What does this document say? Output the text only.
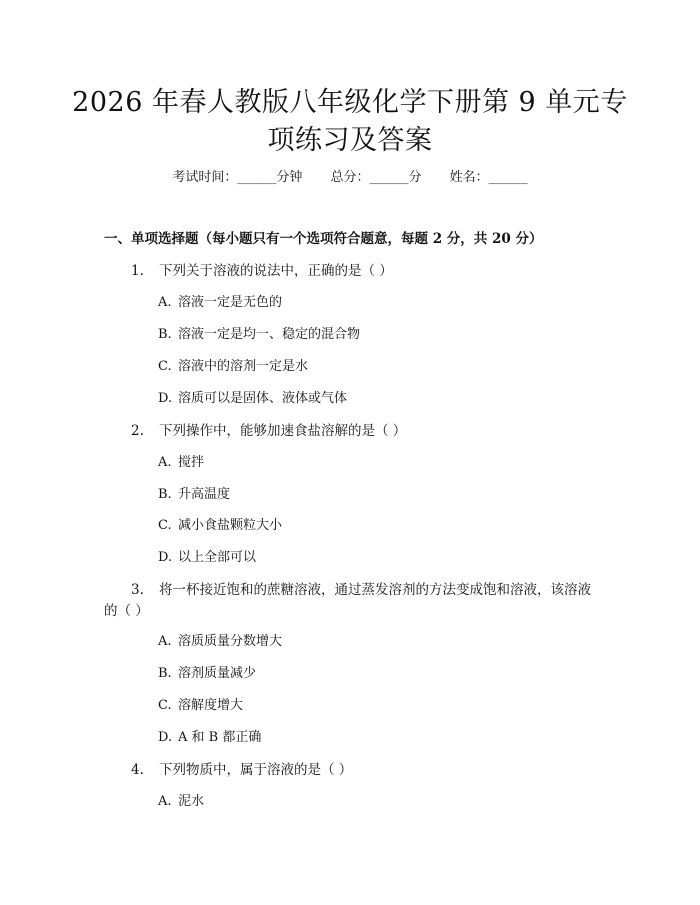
2026 年春人教版八年级化学下册第 9 单元专
项练习及答案
考试时间：______分钟 总分：______分 姓名：______
一、单项选择题（每小题只有一个选项符合题意，每题 2 分，共 20 分）
1. 下列关于溶液的说法中，正确的是（ ）
A. 溶液一定是无色的
B. 溶液一定是均一、稳定的混合物
C. 溶液中的溶剂一定是水
D. 溶质可以是固体、液体或气体
2. 下列操作中，能够加速食盐溶解的是（ ）
A. 搅拌
B. 升高温度
C. 减小食盐颗粒大小
D. 以上全部可以
3. 将一杯接近饱和的蔗糖溶液，通过蒸发溶剂的方法变成饱和溶液，该溶液
的（ ）
A. 溶质质量分数增大
B. 溶剂质量减少
C. 溶解度增大
D. A 和 B 都正确
4. 下列物质中，属于溶液的是（ ）
A. 泥水
